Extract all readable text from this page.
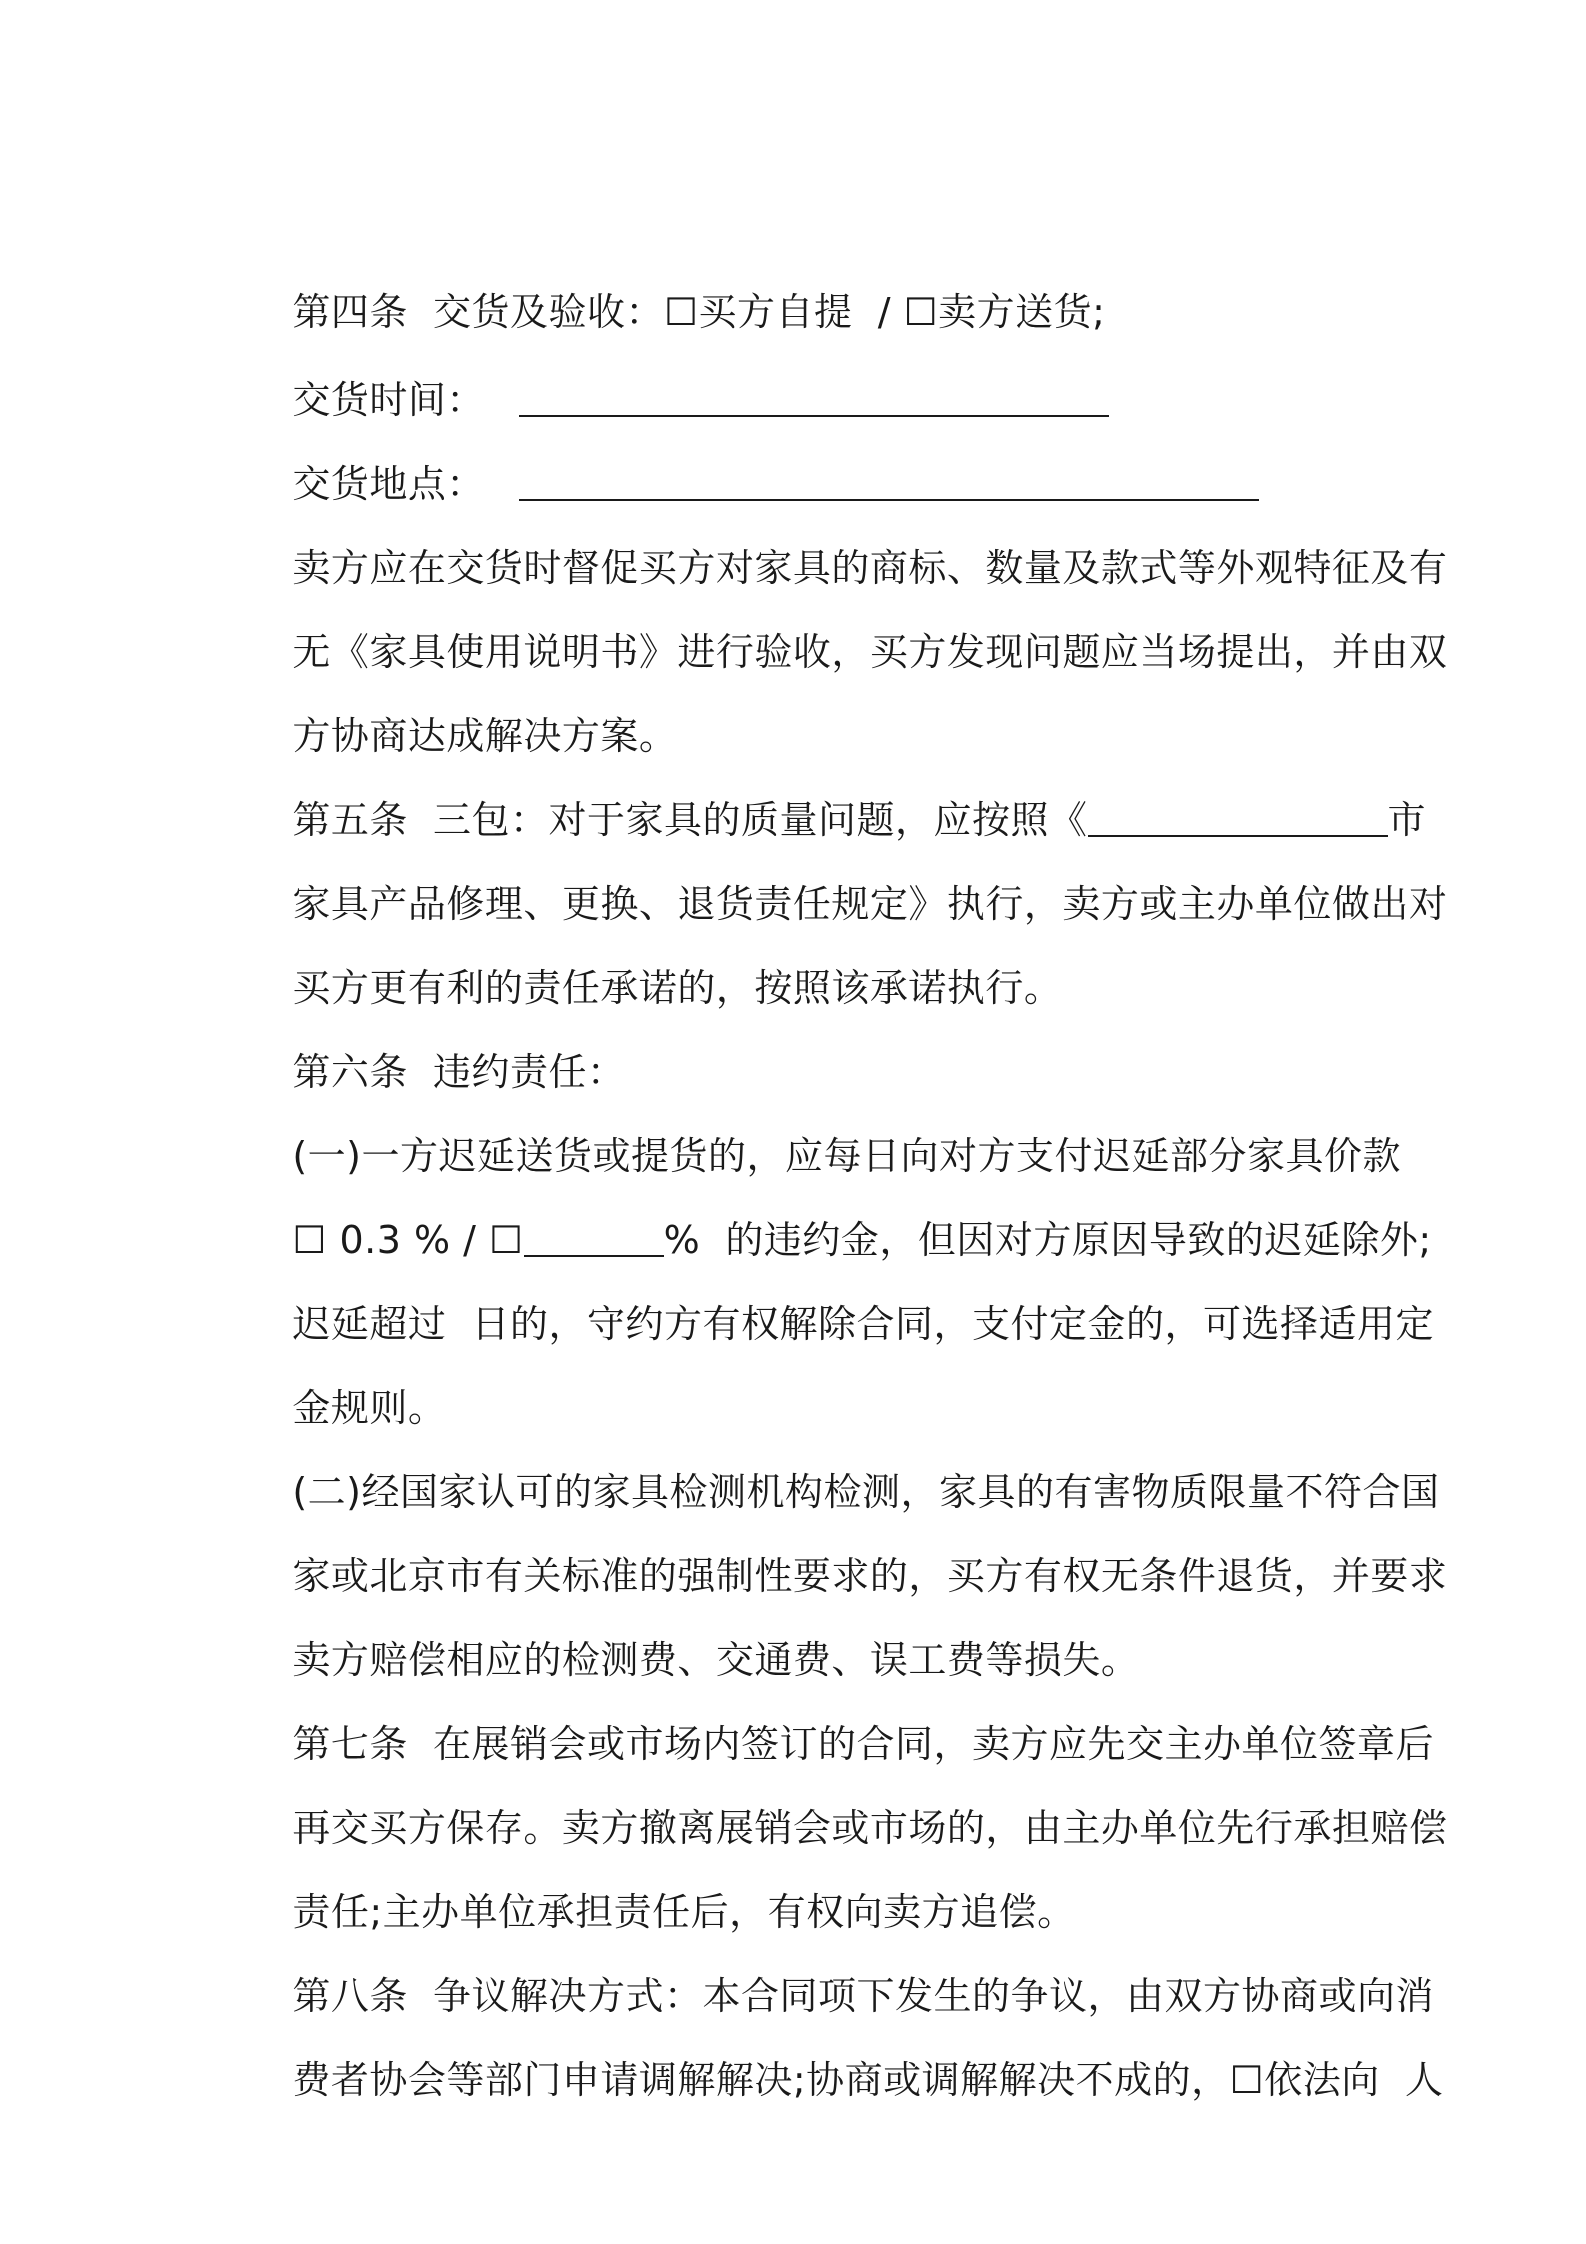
第四条  交货及验收：☐买方自提  / ☐卖方送货;

交货时间：

交货地点：

卖方应在交货时督促买方对家具的商标、数量及款式等外观特征及有

无《家具使用说明书》进行验收，买方发现问题应当场提出，并由双

方协商达成解决方案。

第五条  三包：对于家具的质量问题，应按照《	市

家具产品修理、更换、退货责任规定》执行，卖方或主办单位做出对

买方更有利的责任承诺的，按照该承诺执行。

第六条  违约责任：

(一)一方迟延送货或提货的，应每日向对方支付迟延部分家具价款

☐ 0.3 % / ☐	%  的违约金，但因对方原因导致的迟延除外;

迟延超过  日的，守约方有权解除合同，支付定金的，可选择适用定

金规则。

(二)经国家认可的家具检测机构检测，家具的有害物质限量不符合国

家或北京市有关标准的强制性要求的，买方有权无条件退货，并要求

卖方赔偿相应的检测费、交通费、误工费等损失。

第七条  在展销会或市场内签订的合同，卖方应先交主办单位签章后

再交买方保存。卖方撤离展销会或市场的，由主办单位先行承担赔偿

责任;主办单位承担责任后，有权向卖方追偿。

第八条  争议解决方式：本合同项下发生的争议，由双方协商或向消

费者协会等部门申请调解解决;协商或调解解决不成的，☐依法向  人
